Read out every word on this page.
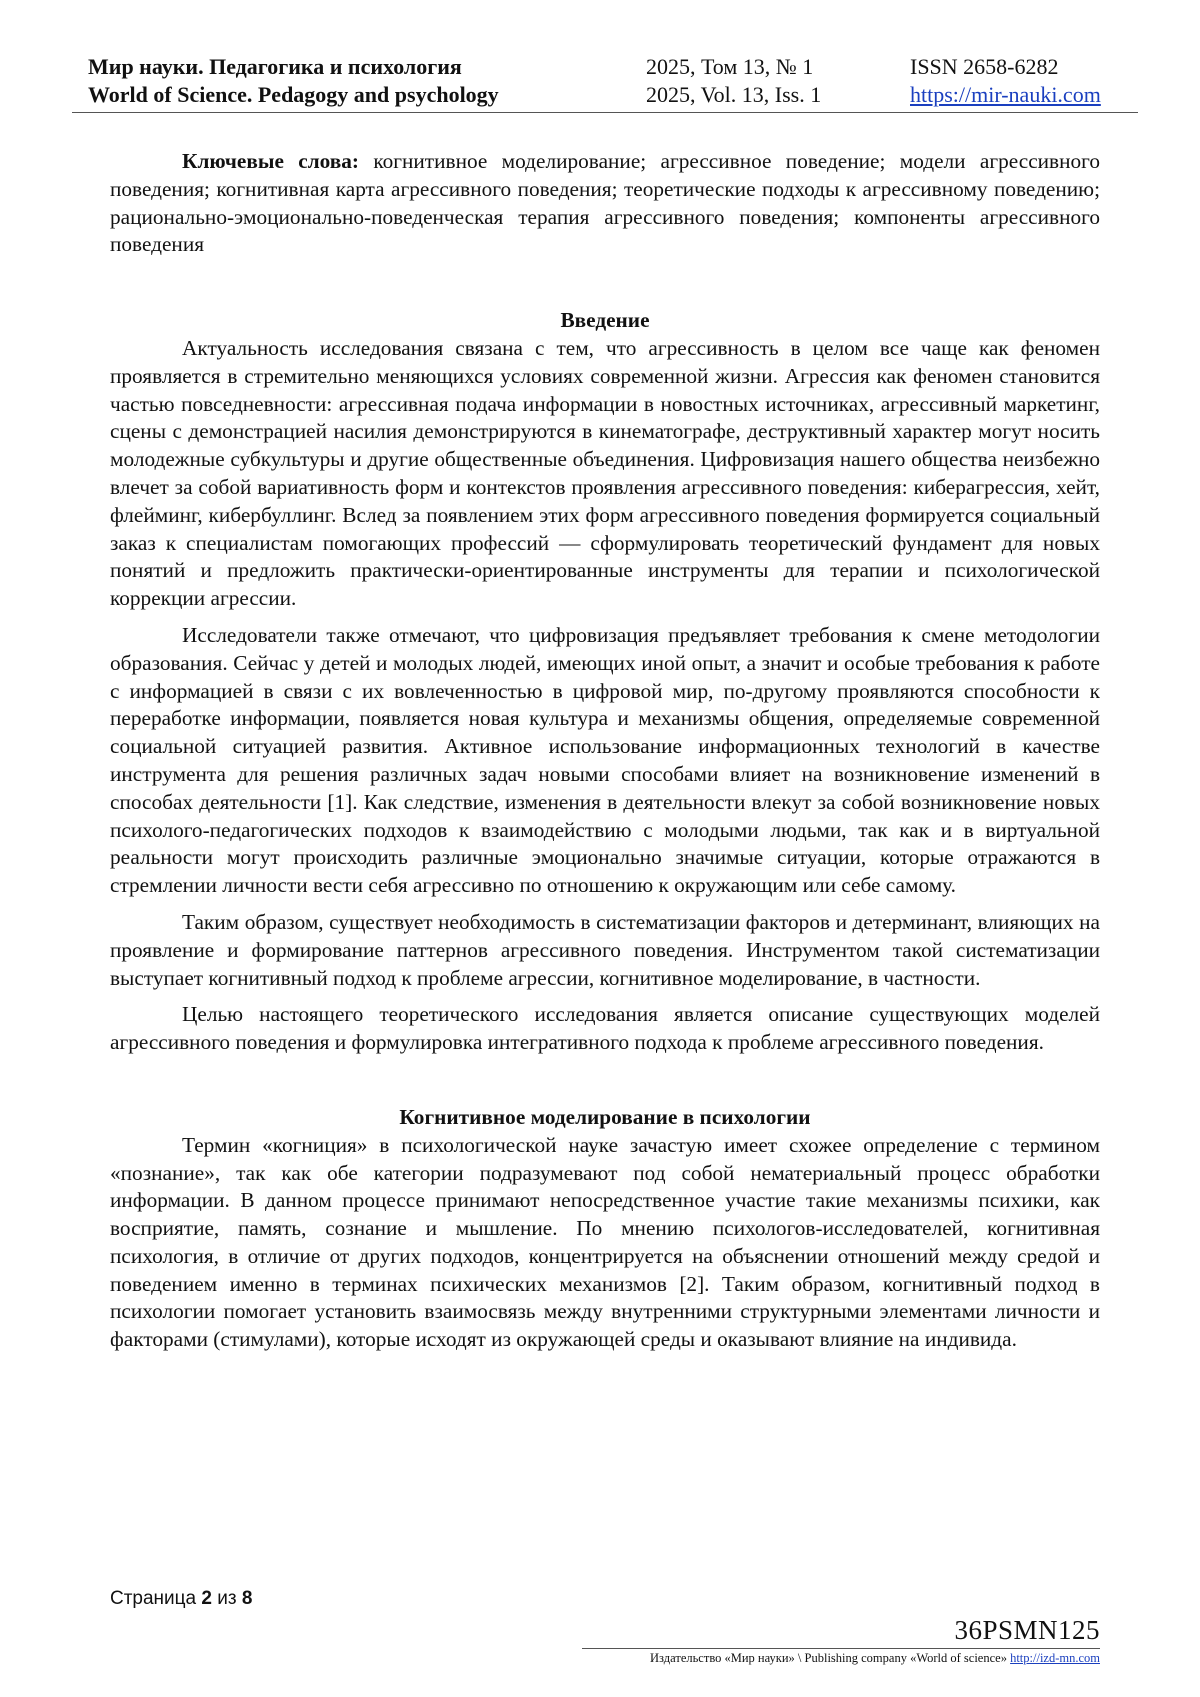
Мир науки. Педагогика и психология
World of Science. Pedagogy and psychology
2025, Том 13, № 1
2025, Vol. 13, Iss. 1
ISSN 2658-6282
https://mir-nauki.com

Ключевые слова: когнитивное моделирование; агрессивное поведение; модели агрессивного поведения; когнитивная карта агрессивного поведения; теоретические подходы к агрессивному поведению; рационально-эмоционально-поведенческая терапия агрессивного поведения; компоненты агрессивного поведения

Введение

Актуальность исследования связана с тем, что агрессивность в целом все чаще как феномен проявляется в стремительно меняющихся условиях современной жизни. Агрессия как феномен становится частью повседневности: агрессивная подача информации в новостных источниках, агрессивный маркетинг, сцены с демонстрацией насилия демонстрируются в кинематографе, деструктивный характер могут носить молодежные субкультуры и другие общественные объединения. Цифровизация нашего общества неизбежно влечет за собой вариативность форм и контекстов проявления агрессивного поведения: киберагрессия, хейт, флейминг, кибербуллинг. Вслед за появлением этих форм агрессивного поведения формируется социальный заказ к специалистам помогающих профессий — сформулировать теоретический фундамент для новых понятий и предложить практически-ориентированные инструменты для терапии и психологической коррекции агрессии.

Исследователи также отмечают, что цифровизация предъявляет требования к смене методологии образования. Сейчас у детей и молодых людей, имеющих иной опыт, а значит и особые требования к работе с информацией в связи с их вовлеченностью в цифровой мир, по-другому проявляются способности к переработке информации, появляется новая культура и механизмы общения, определяемые современной социальной ситуацией развития. Активное использование информационных технологий в качестве инструмента для решения различных задач новыми способами влияет на возникновение изменений в способах деятельности [1]. Как следствие, изменения в деятельности влекут за собой возникновение новых психолого-педагогических подходов к взаимодействию с молодыми людьми, так как и в виртуальной реальности могут происходить различные эмоционально значимые ситуации, которые отражаются в стремлении личности вести себя агрессивно по отношению к окружающим или себе самому.

Таким образом, существует необходимость в систематизации факторов и детерминант, влияющих на проявление и формирование паттернов агрессивного поведения. Инструментом такой систематизации выступает когнитивный подход к проблеме агрессии, когнитивное моделирование, в частности.

Целью настоящего теоретического исследования является описание существующих моделей агрессивного поведения и формулировка интегративного подхода к проблеме агрессивного поведения.

Когнитивное моделирование в психологии

Термин «когниция» в психологической науке зачастую имеет схожее определение с термином «познание», так как обе категории подразумевают под собой нематериальный процесс обработки информации. В данном процессе принимают непосредственное участие такие механизмы психики, как восприятие, память, сознание и мышление. По мнению психологов-исследователей, когнитивная психология, в отличие от других подходов, концентрируется на объяснении отношений между средой и поведением именно в терминах психических механизмов [2]. Таким образом, когнитивный подход в психологии помогает установить взаимосвязь между внутренними структурными элементами личности и факторами (стимулами), которые исходят из окружающей среды и оказывают влияние на индивида.

Страница 2 из 8
36PSMN125
Издательство «Мир науки» \ Publishing company «World of science» http://izd-mn.com
